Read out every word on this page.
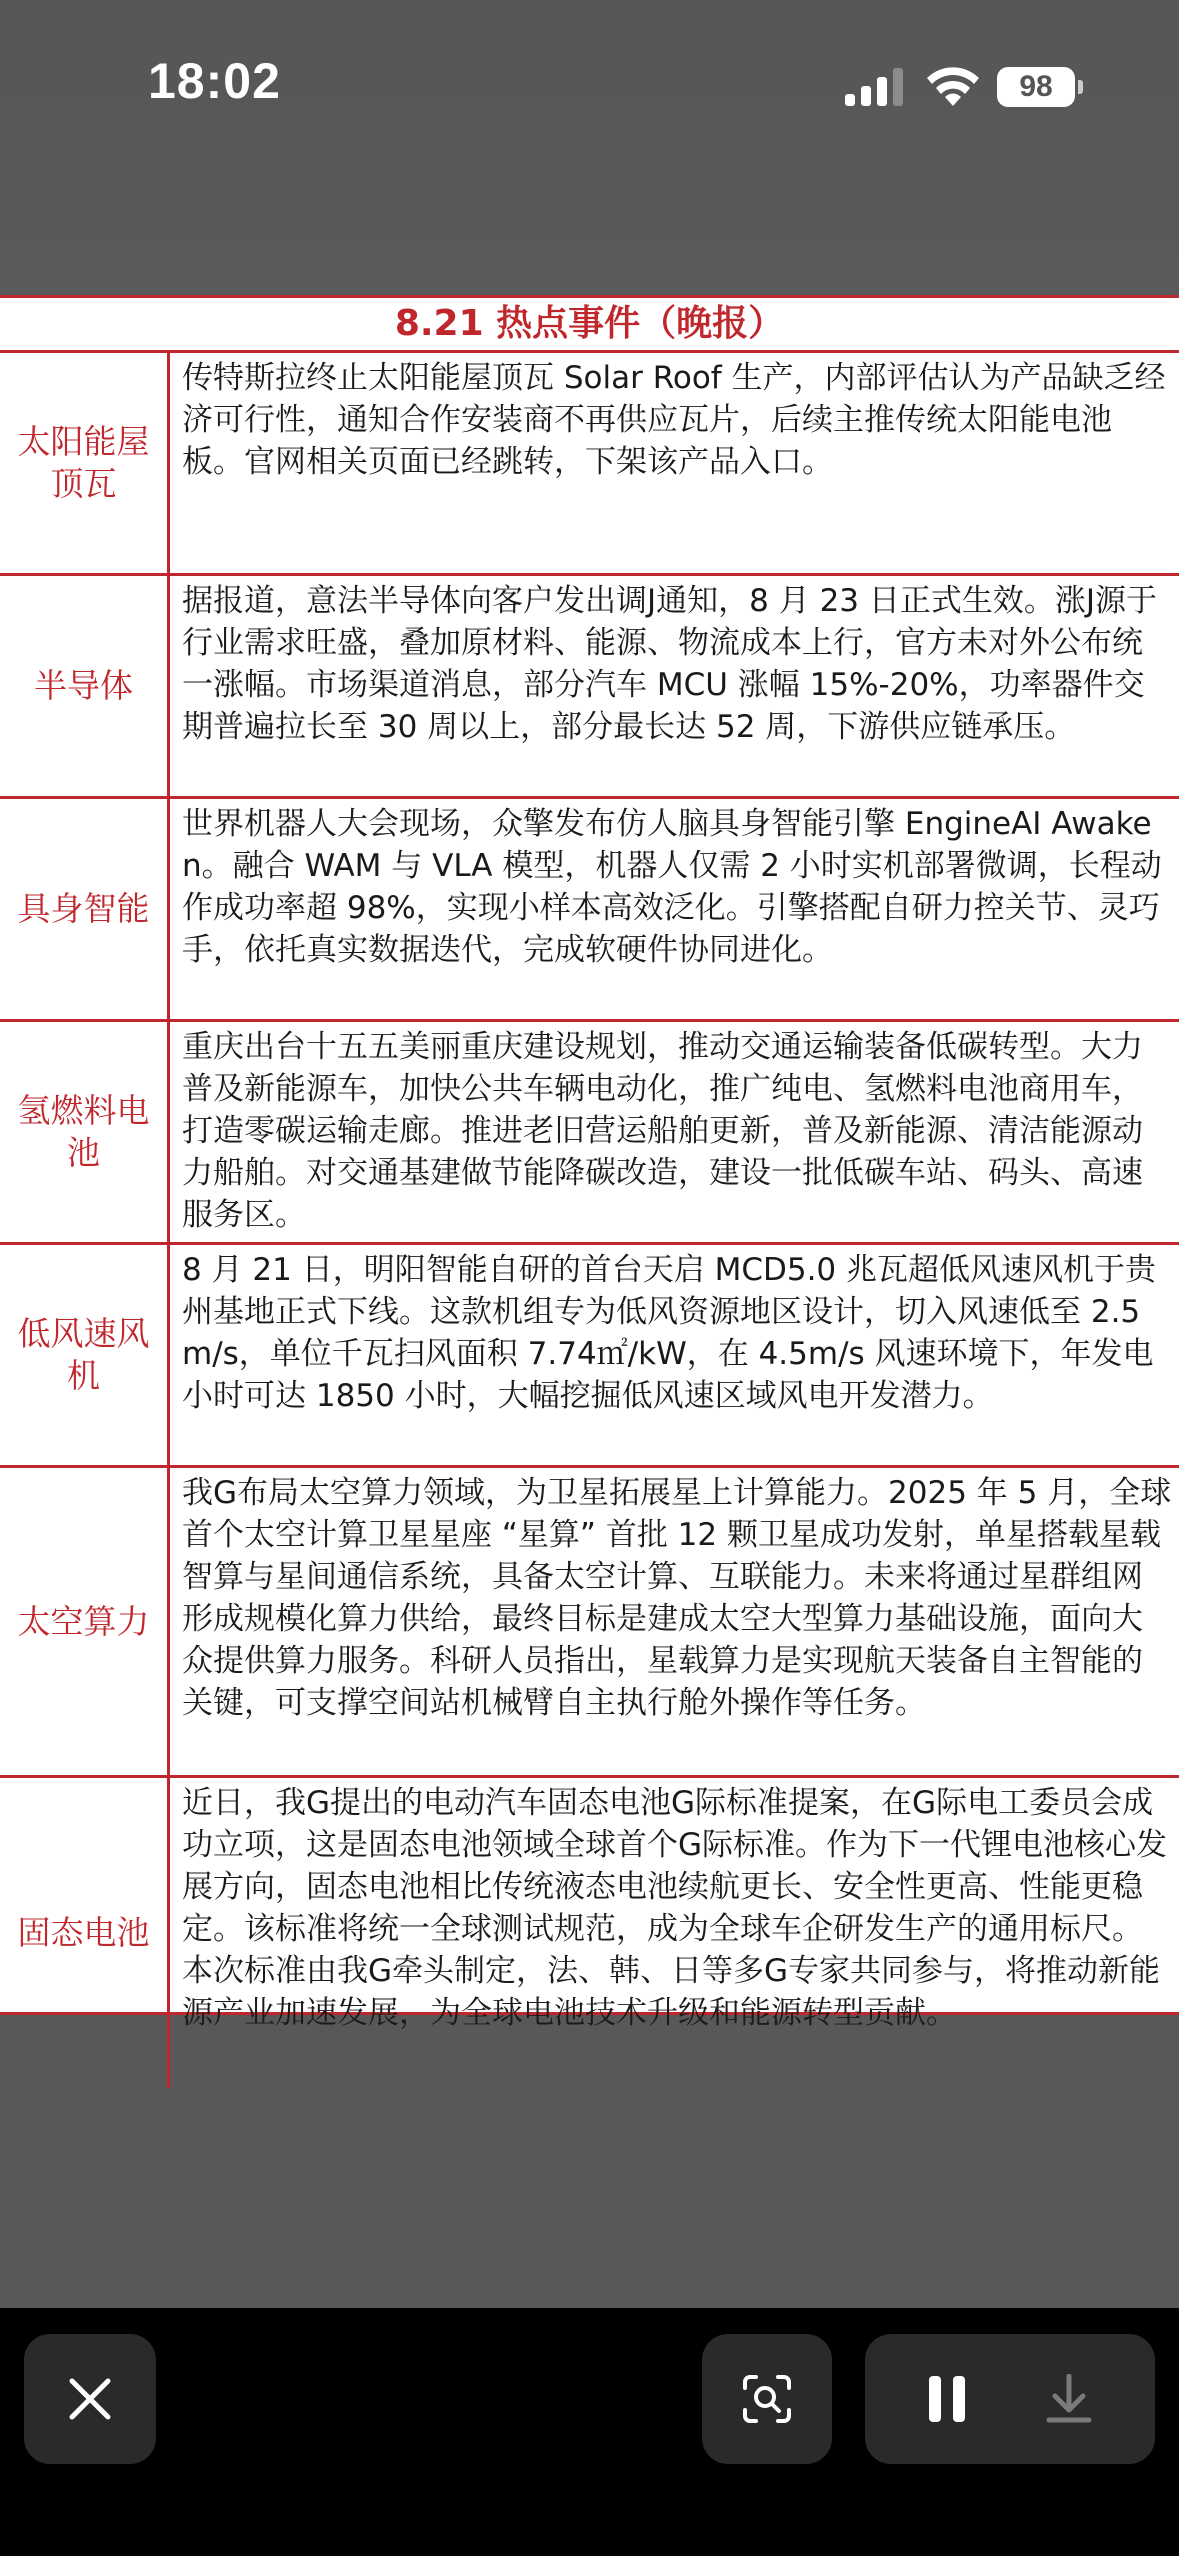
18:02	98
8.21 热点事件（晚报）
太阳能屋顶瓦
传特斯拉终止太阳能屋顶瓦 Solar Roof 生产，内部评估认为产品缺乏经济可行性，通知合作安装商不再供应瓦片，后续主推传统太阳能电池板。官网相关页面已经跳转，下架该产品入口。
半导体
据报道，意法半导体向客户发出调J通知，8 月 23 日正式生效。涨J源于行业需求旺盛，叠加原材料、能源、物流成本上行，官方未对外公布统一涨幅。市场渠道消息，部分汽车 MCU 涨幅 15%-20%，功率器件交期普遍拉长至 30 周以上，部分最长达 52 周，下游供应链承压。
具身智能
世界机器人大会现场，众擎发布仿人脑具身智能引擎 EngineAI Awaken。融合 WAM 与 VLA 模型，机器人仅需 2 小时实机部署微调，长程动作成功率超 98%，实现小样本高效泛化。引擎搭配自研力控关节、灵巧手，依托真实数据迭代，完成软硬件协同进化。
氢燃料电池
重庆出台十五五美丽重庆建设规划，推动交通运输装备低碳转型。大力普及新能源车，加快公共车辆电动化，推广纯电、氢燃料电池商用车，打造零碳运输走廊。推进老旧营运船舶更新，普及新能源、清洁能源动力船舶。对交通基建做节能降碳改造，建设一批低碳车站、码头、高速服务区。
低风速风机
8 月 21 日，明阳智能自研的首台天启 MCD5.0 兆瓦超低风速风机于贵州基地正式下线。这款机组专为低风资源地区设计，切入风速低至 2.5m/s，单位千瓦扫风面积 7.74㎡/kW，在 4.5m/s 风速环境下，年发电小时可达 1850 小时，大幅挖掘低风速区域风电开发潜力。
太空算力
我G布局太空算力领域，为卫星拓展星上计算能力。2025 年 5 月，全球首个太空计算卫星星座 “星算” 首批 12 颗卫星成功发射，单星搭载星载智算与星间通信系统，具备太空计算、互联能力。未来将通过星群组网形成规模化算力供给，最终目标是建成太空大型算力基础设施，面向大众提供算力服务。科研人员指出，星载算力是实现航天装备自主智能的关键，可支撑空间站机械臂自主执行舱外操作等任务。
固态电池
近日，我G提出的电动汽车固态电池G际标准提案，在G际电工委员会成功立项，这是固态电池领域全球首个G际标准。作为下一代锂电池核心发展方向，固态电池相比传统液态电池续航更长、安全性更高、性能更稳定。该标准将统一全球测试规范，成为全球车企研发生产的通用标尺。本次标准由我G牵头制定，法、韩、日等多G专家共同参与，将推动新能源产业加速发展，为全球电池技术升级和能源转型贡献。
